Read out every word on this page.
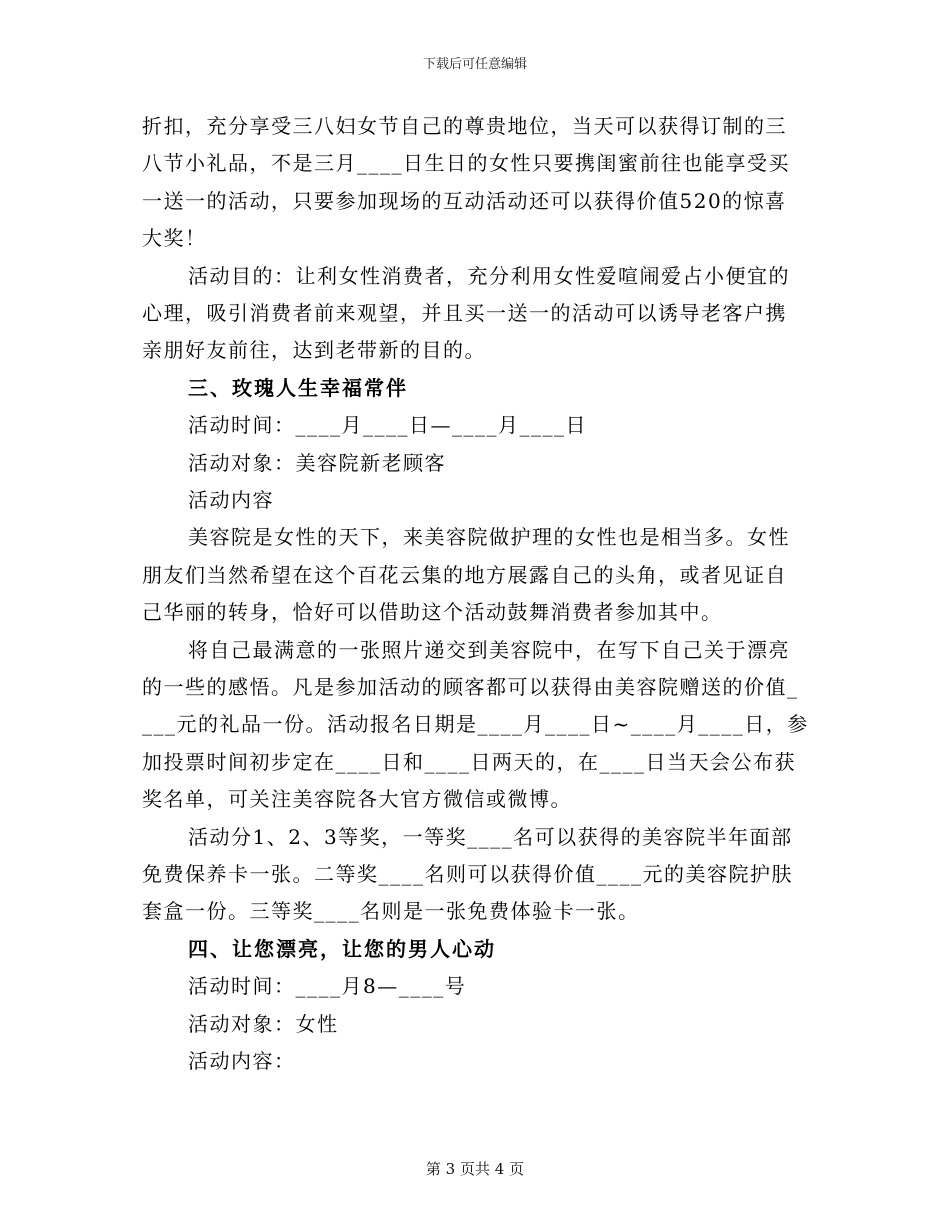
下载后可任意编辑
折扣，充分享受三八妇女节自己的尊贵地位，当天可以获得订制的三
八节小礼品，不是三月____日生日的女性只要携闺蜜前往也能享受买
一送一的活动，只要参加现场的互动活动还可以获得价值520的惊喜
大奖！
活动目的：让利女性消费者，充分利用女性爱喧闹爱占小便宜的
心理，吸引消费者前来观望，并且买一送一的活动可以诱导老客户携
亲朋好友前往，达到老带新的目的。
三、玫瑰人生幸福常伴
活动时间：____月____日—____月____日
活动对象：美容院新老顾客
活动内容
美容院是女性的天下，来美容院做护理的女性也是相当多。女性
朋友们当然希望在这个百花云集的地方展露自己的头角，或者见证自
己华丽的转身，恰好可以借助这个活动鼓舞消费者参加其中。
将自己最满意的一张照片递交到美容院中，在写下自己关于漂亮
的一些的感悟。凡是参加活动的顾客都可以获得由美容院赠送的价值_
___元的礼品一份。活动报名日期是____月____日~____月____日，参
加投票时间初步定在____日和____日两天的，在____日当天会公布获
奖名单，可关注美容院各大官方微信或微博。
活动分1、2、3等奖，一等奖____名可以获得的美容院半年面部
免费保养卡一张。二等奖____名则可以获得价值____元的美容院护肤
套盒一份。三等奖____名则是一张免费体验卡一张。
四、让您漂亮，让您的男人心动
活动时间：____月8—____号
活动对象：女性
活动内容：
第 3 页共 4 页
